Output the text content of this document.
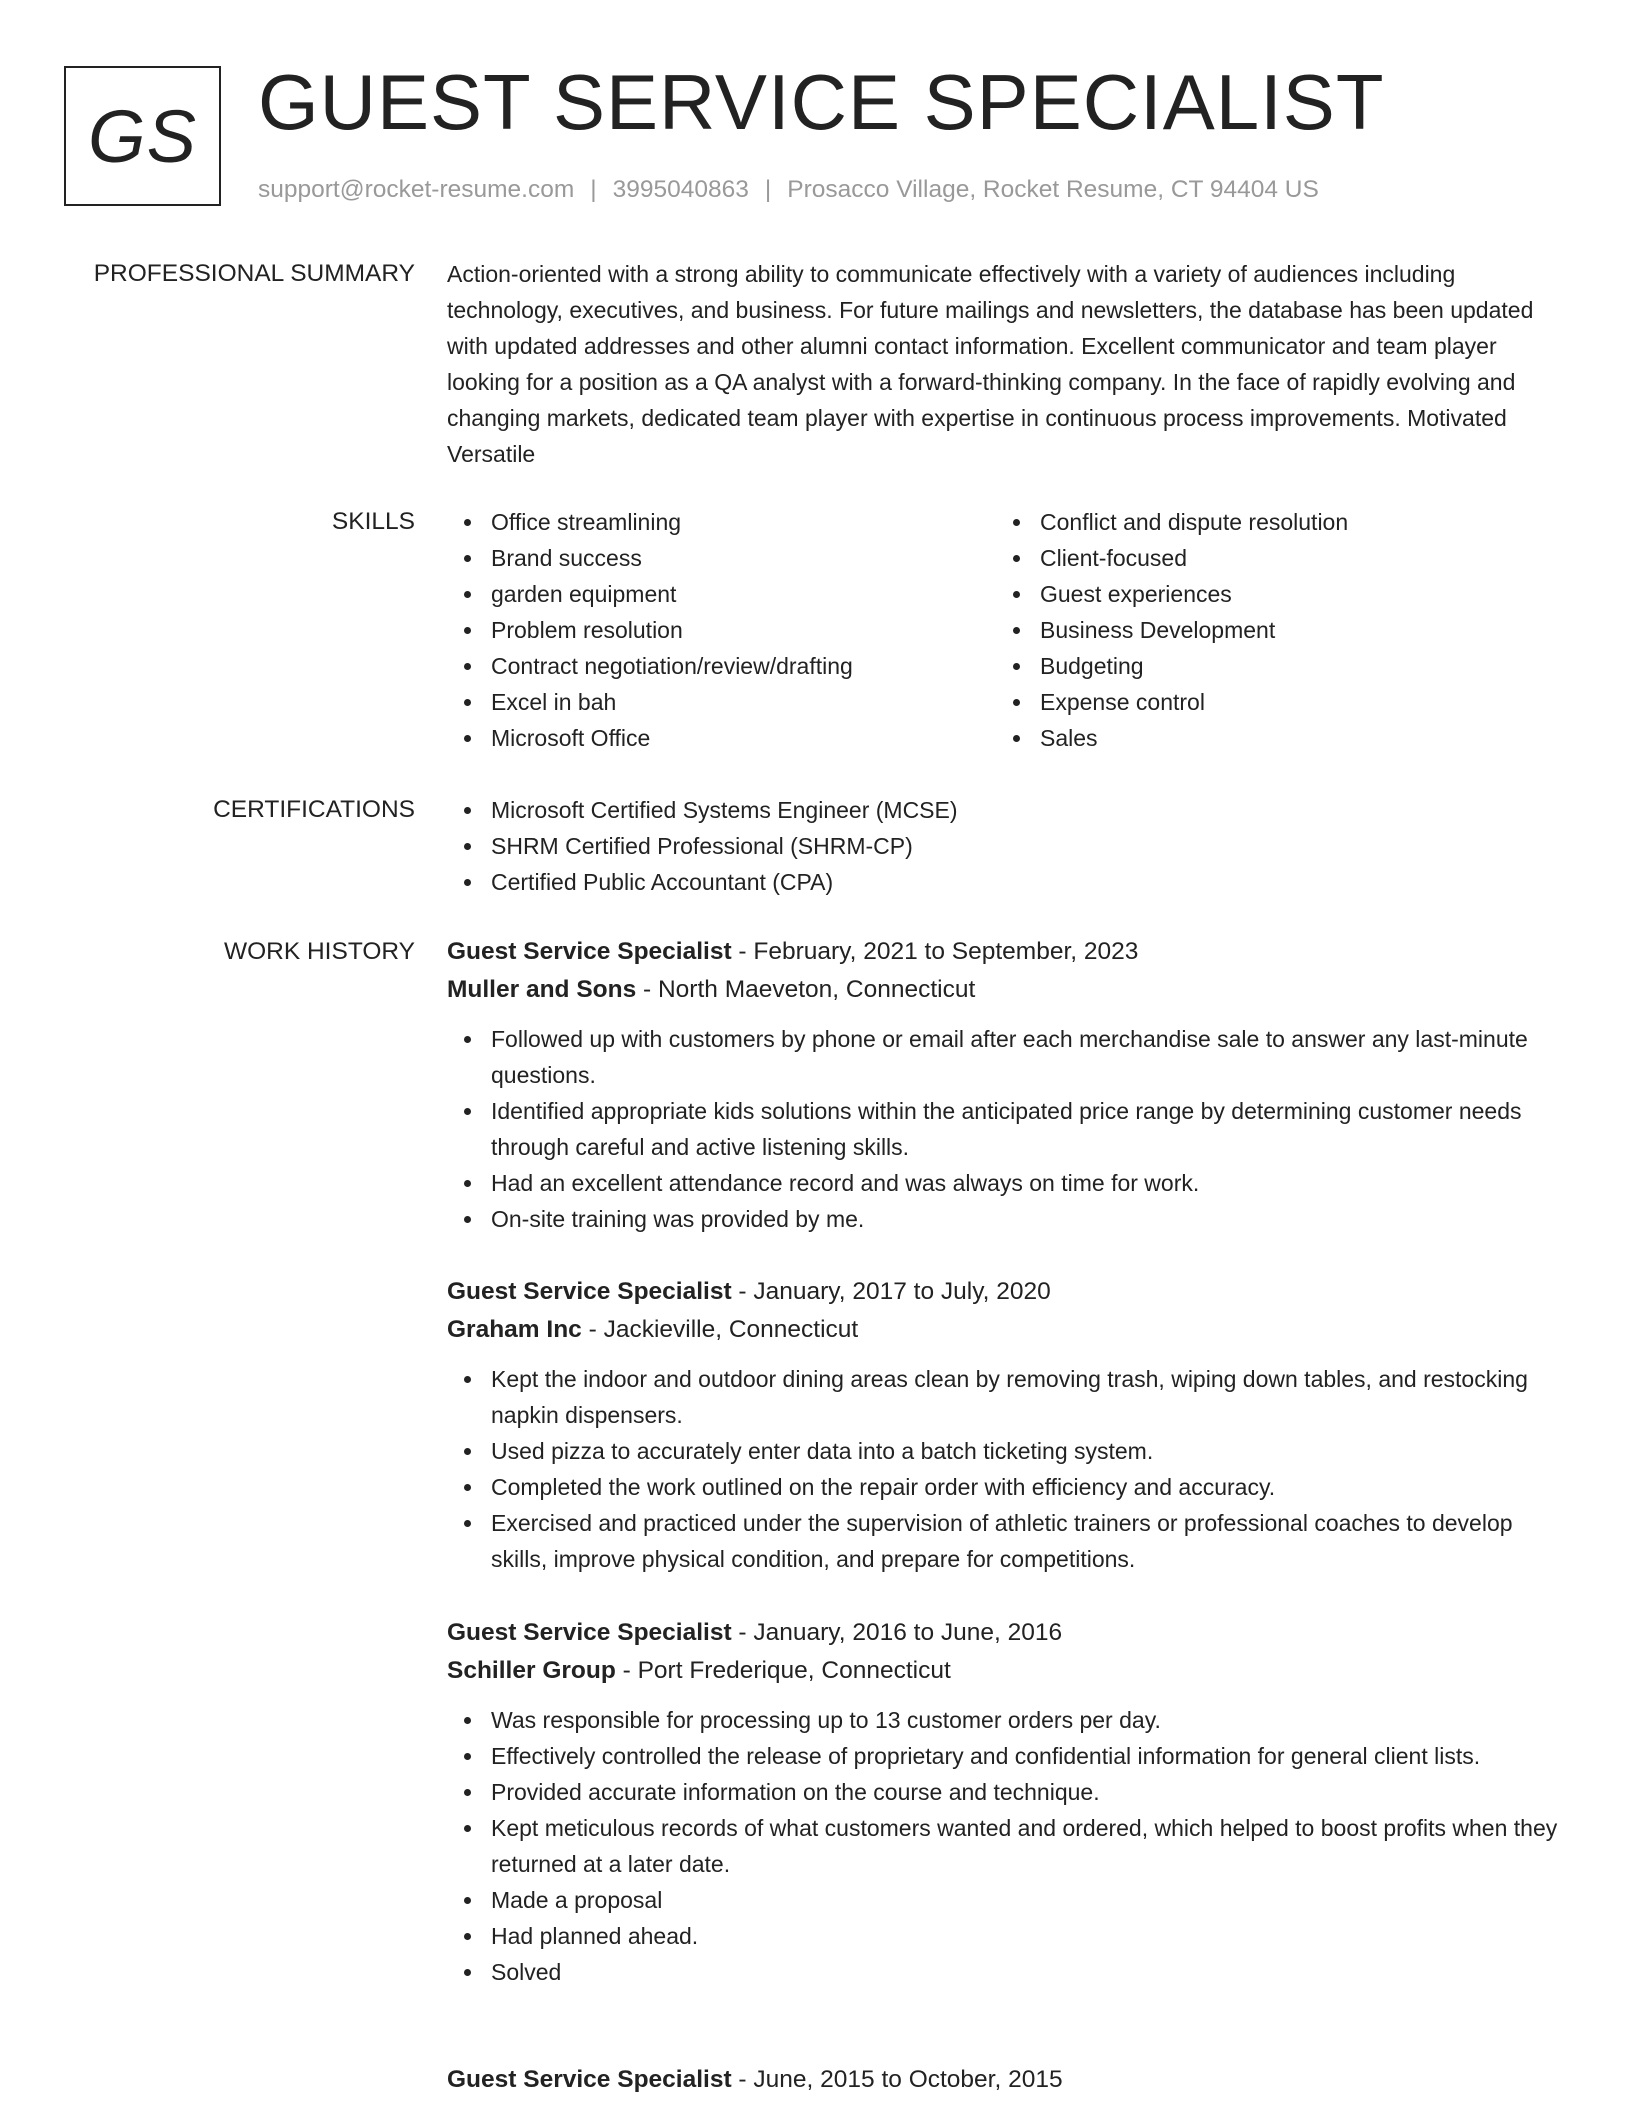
GS GUEST SERVICE SPECIALIST
support@rocket-resume.com | 3995040863 | Prosacco Village, Rocket Resume, CT 94404 US
PROFESSIONAL SUMMARY Action-oriented with a strong ability to communicate effectively with a variety of audiences including technology, executives, and business. For future mailings and newsletters, the database has been updated with updated addresses and other alumni contact information. Excellent communicator and team player looking for a position as a QA analyst with a forward-thinking company. In the face of rapidly evolving and changing markets, dedicated team player with expertise in continuous process improvements. Motivated Versatile

SKILLS	Office streamlining
Brand success
garden equipment
Problem resolution
Contract negotiation/review/drafting
Excel in bah
Microsoft Office
Conflict and dispute resolution
Client-focused
Guest experiences
Business Development
Budgeting
Expense control
Sales
CERTIFICATIONS	Microsoft Certified Systems Engineer (MCSE)
SHRM Certified Professional (SHRM-CP)
Certified Public Accountant (CPA)
WORK HISTORY Guest Service Specialist - February, 2021 to September, 2023
Muller and Sons - North Maeveton, Connecticut
Followed up with customers by phone or email after each merchandise sale to answer any last-minute questions.
Identified appropriate kids solutions within the anticipated price range by determining customer needs through careful and active listening skills.
Had an excellent attendance record and was always on time for work.
On-site training was provided by me.
Guest Service Specialist - January, 2017 to July, 2020
Graham Inc - Jackieville, Connecticut
Kept the indoor and outdoor dining areas clean by removing trash, wiping down tables, and restocking napkin dispensers.
Used pizza to accurately enter data into a batch ticketing system.
Completed the work outlined on the repair order with efficiency and accuracy.
Exercised and practiced under the supervision of athletic trainers or professional coaches to develop skills, improve physical condition, and prepare for competitions.
Guest Service Specialist - January, 2016 to June, 2016
Schiller Group - Port Frederique, Connecticut
Was responsible for processing up to 13 customer orders per day.
Effectively controlled the release of proprietary and confidential information for general client lists.
Provided accurate information on the course and technique.
Kept meticulous records of what customers wanted and ordered, which helped to boost profits when they returned at a later date.
Made a proposal
Had planned ahead.
Solved
Guest Service Specialist - June, 2015 to October, 2015
